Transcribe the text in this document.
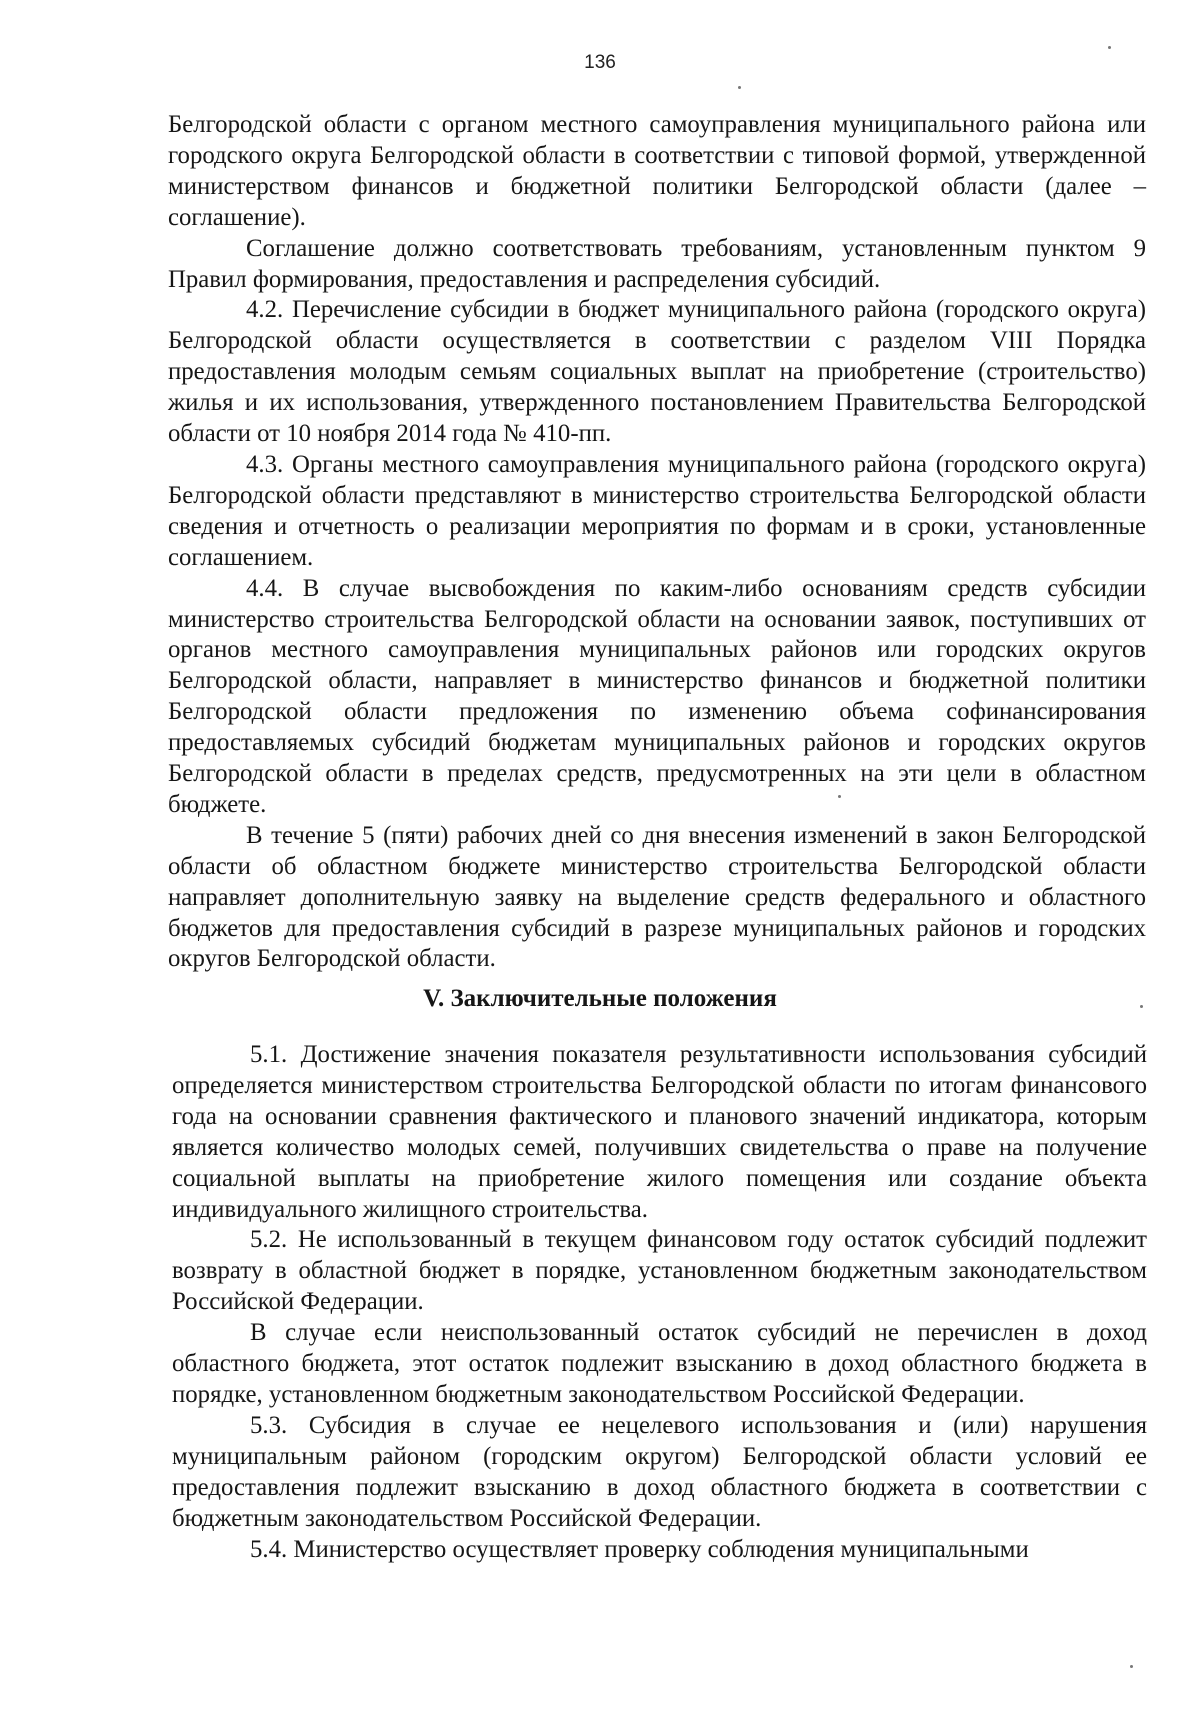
136

Белгородской области с органом местного самоуправления муниципального района или городского округа Белгородской области в соответствии с типовой формой, утвержденной министерством финансов и бюджетной политики Белгородской области (далее – соглашение).

Соглашение должно соответствовать требованиям, установленным пунктом 9 Правил формирования, предоставления и распределения субсидий.

4.2. Перечисление субсидии в бюджет муниципального района (городского округа) Белгородской области осуществляется в соответствии с разделом VIII Порядка предоставления молодым семьям социальных выплат на приобретение (строительство) жилья и их использования, утвержденного постановлением Правительства Белгородской области от 10 ноября 2014 года № 410-пп.

4.3. Органы местного самоуправления муниципального района (городского округа) Белгородской области представляют в министерство строительства Белгородской области сведения и отчетность о реализации мероприятия по формам и в сроки, установленные соглашением.

4.4. В случае высвобождения по каким-либо основаниям средств субсидии министерство строительства Белгородской области на основании заявок, поступивших от органов местного самоуправления муниципальных районов или городских округов Белгородской области, направляет в министерство финансов и бюджетной политики Белгородской области предложения по изменению объема софинансирования предоставляемых субсидий бюджетам муниципальных районов и городских округов Белгородской области в пределах средств, предусмотренных на эти цели в областном бюджете.

В течение 5 (пяти) рабочих дней со дня внесения изменений в закон Белгородской области об областном бюджете министерство строительства Белгородской области направляет дополнительную заявку на выделение средств федерального и областного бюджетов для предоставления субсидий в разрезе муниципальных районов и городских округов Белгородской области.

V. Заключительные положения

5.1. Достижение значения показателя результативности использования субсидий определяется министерством строительства Белгородской области по итогам финансового года на основании сравнения фактического и планового значений индикатора, которым является количество молодых семей, получивших свидетельства о праве на получение социальной выплаты на приобретение жилого помещения или создание объекта индивидуального жилищного строительства.

5.2. Не использованный в текущем финансовом году остаток субсидий подлежит возврату в областной бюджет в порядке, установленном бюджетным законодательством Российской Федерации.

В случае если неиспользованный остаток субсидий не перечислен в доход областного бюджета, этот остаток подлежит взысканию в доход областного бюджета в порядке, установленном бюджетным законодательством Российской Федерации.

5.3. Субсидия в случае ее нецелевого использования и (или) нарушения муниципальным районом (городским округом) Белгородской области условий ее предоставления подлежит взысканию в доход областного бюджета в соответствии с бюджетным законодательством Российской Федерации.

5.4. Министерство осуществляет проверку соблюдения муниципальными
